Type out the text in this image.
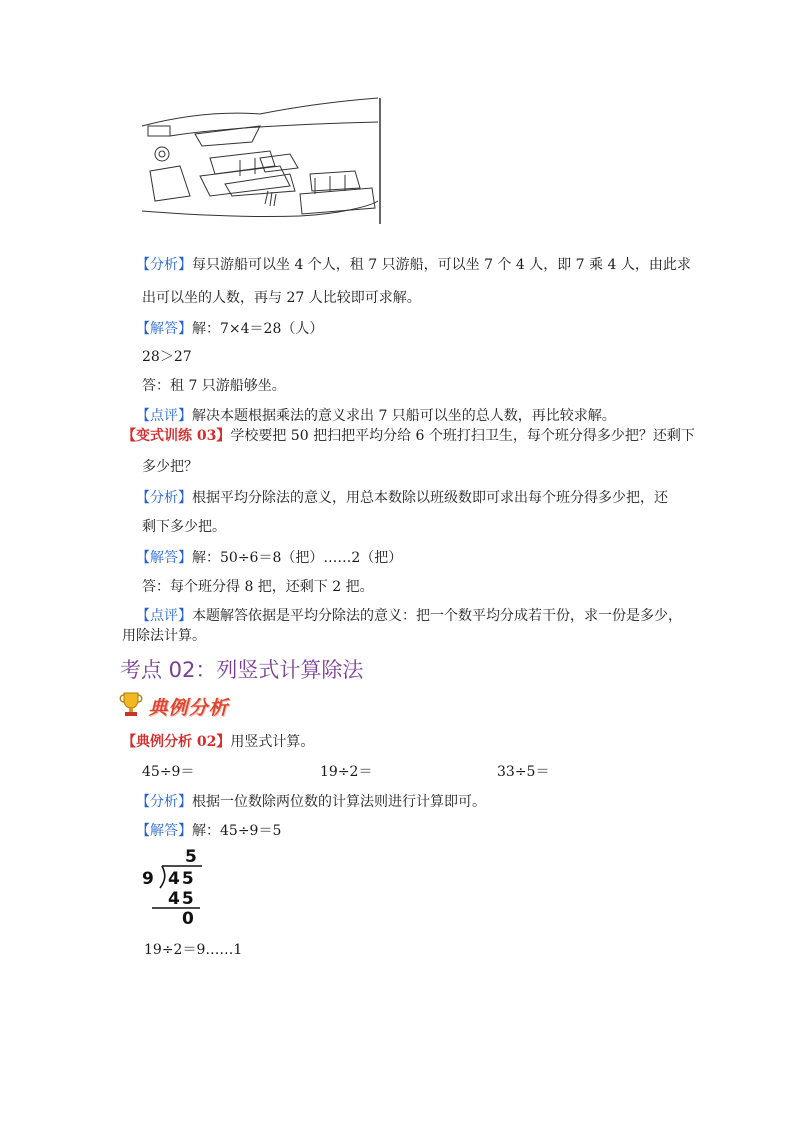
【分析】每只游船可以坐 4 个人，租 7 只游船，可以坐 7 个 4 人，即 7 乘 4 人，由此求
出可以坐的人数，再与 27 人比较即可求解。
【解答】解：7×4＝28（人）
28＞27
答：租 7 只游船够坐。
【点评】解决本题根据乘法的意义求出 7 只船可以坐的总人数，再比较求解。
【变式训练 03】学校要把 50 把扫把平均分给 6 个班打扫卫生，每个班分得多少把？还剩下
多少把？
【分析】根据平均分除法的意义，用总本数除以班级数即可求出每个班分得多少把，还
剩下多少把。
【解答】解：50÷6＝8（把）……2（把）
答：每个班分得 8 把，还剩下 2 把。
【点评】本题解答依据是平均分除法的意义：把一个数平均分成若干份，求一份是多少，
用除法计算。
考点 02：列竖式计算除法
典例分析
【典例分析 02】用竖式计算。
45÷9＝	19÷2＝	33÷5＝
【分析】根据一位数除两位数的计算法则进行计算即可。
【解答】解：45÷9＝5
5
9 45
45
0
19÷2＝9……1
